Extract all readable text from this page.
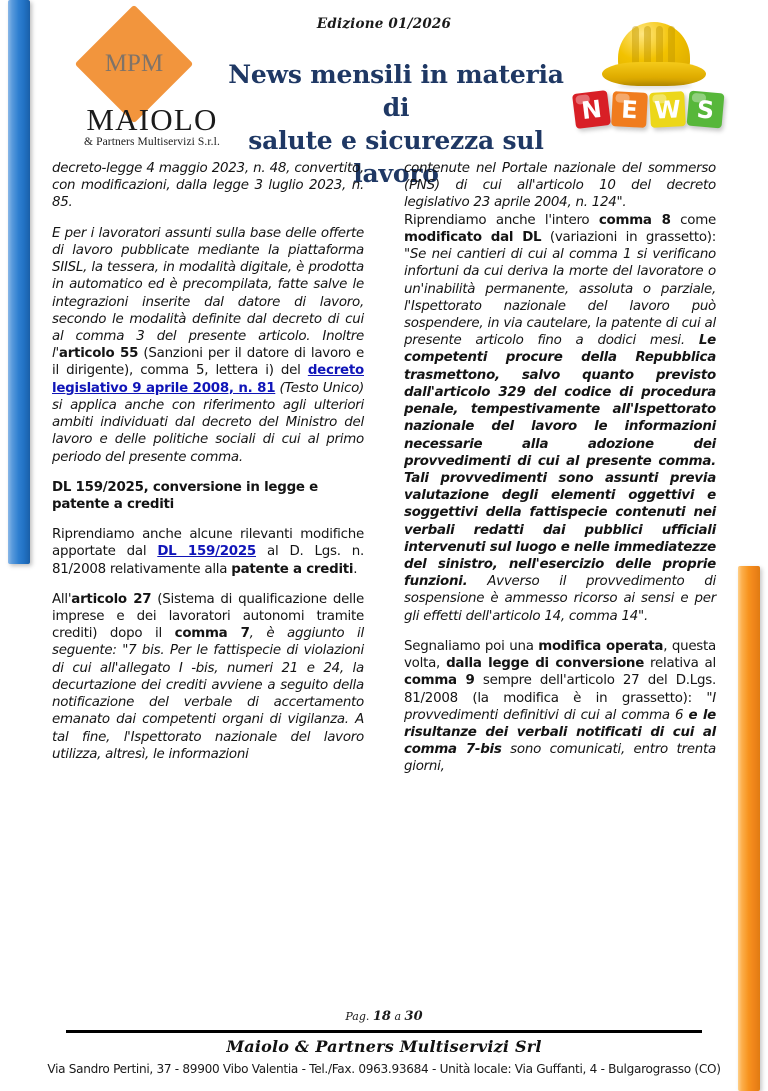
Edizione 01/2026
MPM
MAIOLO
& Partners Multiservizi S.r.l.
News mensili in materia di
salute e sicurezza sul lavoro
N E W S

decreto-legge 4 maggio 2023, n. 48, convertito, con modificazioni, dalla legge 3 luglio 2023, n. 85.

E per i lavoratori assunti sulla base delle offerte di lavoro pubblicate mediante la piattaforma SIISL, la tessera, in modalità digitale, è prodotta in automatico ed è precompilata, fatte salve le integrazioni inserite dal datore di lavoro, secondo le modalità definite dal decreto di cui al comma 3 del presente articolo. Inoltre l'articolo 55 (Sanzioni per il datore di lavoro e il dirigente), comma 5, lettera i) del decreto legislativo 9 aprile 2008, n. 81 (Testo Unico) si applica anche con riferimento agli ulteriori ambiti individuati dal decreto del Ministro del lavoro e delle politiche sociali di cui al primo periodo del presente comma.

DL 159/2025, conversione in legge e patente a crediti

Riprendiamo anche alcune rilevanti modifiche apportate dal DL 159/2025 al D. Lgs. n. 81/2008 relativamente alla patente a crediti.

All'articolo 27 (Sistema di qualificazione delle imprese e dei lavoratori autonomi tramite crediti) dopo il comma 7, è aggiunto il seguente: "7 bis. Per le fattispecie di violazioni di cui all'allegato I -bis, numeri 21 e 24, la decurtazione dei crediti avviene a seguito della notificazione del verbale di accertamento emanato dai competenti organi di vigilanza. A tal fine, l'Ispettorato nazionale del lavoro utilizza, altresì, le informazioni

contenute nel Portale nazionale del sommerso (PNS) di cui all'articolo 10 del decreto legislativo 23 aprile 2004, n. 124".

Riprendiamo anche l'intero comma 8 come modificato dal DL (variazioni in grassetto): "Se nei cantieri di cui al comma 1 si verificano infortuni da cui deriva la morte del lavoratore o un'inabilità permanente, assoluta o parziale, l'Ispettorato nazionale del lavoro può sospendere, in via cautelare, la patente di cui al presente articolo fino a dodici mesi. Le competenti procure della Repubblica trasmettono, salvo quanto previsto dall'articolo 329 del codice di procedura penale, tempestivamente all'Ispettorato nazionale del lavoro le informazioni necessarie alla adozione dei provvedimenti di cui al presente comma. Tali provvedimenti sono assunti previa valutazione degli elementi oggettivi e soggettivi della fattispecie contenuti nei verbali redatti dai pubblici ufficiali intervenuti sul luogo e nelle immediatezze del sinistro, nell'esercizio delle proprie funzioni. Avverso il provvedimento di sospensione è ammesso ricorso ai sensi e per gli effetti dell'articolo 14, comma 14".

Segnaliamo poi una modifica operata, questa volta, dalla legge di conversione relativa al comma 9 sempre dell'articolo 27 del D.Lgs. 81/2008 (la modifica è in grassetto): "I provvedimenti definitivi di cui al comma 6 e le risultanze dei verbali notificati di cui al comma 7-bis sono comunicati, entro trenta giorni,

Pag. 18 a 30
Maiolo & Partners Multiservizi Srl
Via Sandro Pertini, 37 - 89900 Vibo Valentia - Tel./Fax. 0963.93684 - Unità locale: Via Guffanti, 4 - Bulgarograsso (CO)
